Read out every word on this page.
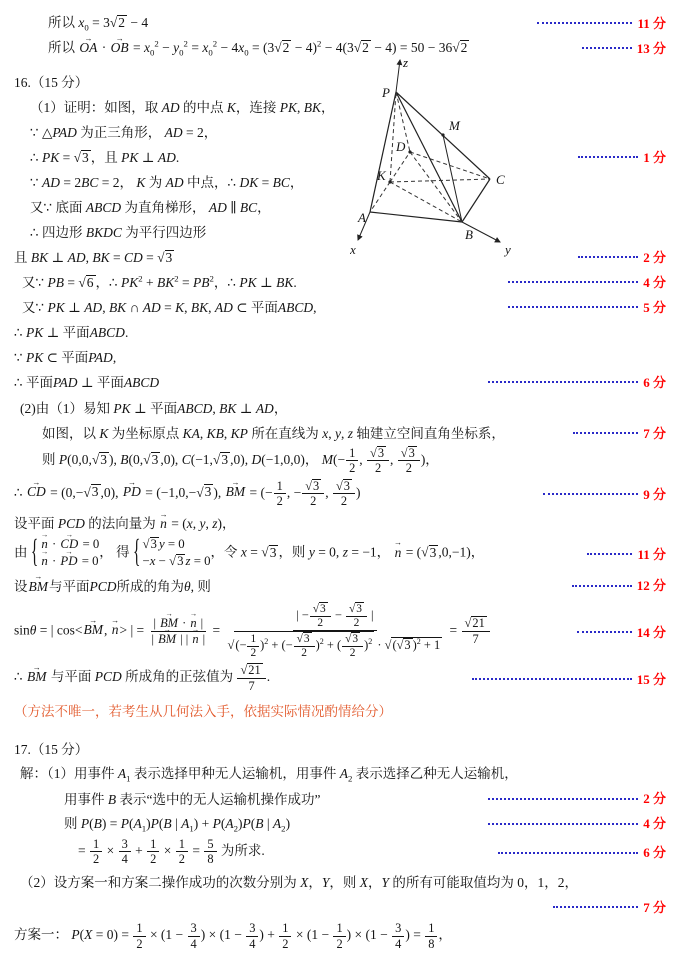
所以 $x_0 = 3√2 - 4$	11 分
所以 → OA · → OB = $x_0^2 - y_0^2 = x_0^2 - 4x_0 = (3√2 - 4)^2 - 4(3√2 - 4) = 50 - 36√2$	13 分
16.（15 分）
（1）证明：如图，取 AD 的中点 K，连接 PK, BK，
∵ △PAD 为正三角形， AD = 2，
∴ PK = √3 ，且 PK ⊥ AD.	1 分
∵ AD = 2BC = 2， K 为 AD 中点，∴ DK = BC，
又∵ 底面 ABCD 为直角梯形， AD ∥ BC，
∴ 四边形 BKDC 为平行四边形
且 BK ⊥ AD, BK = CD = √3	2 分
又∵ PB = √6 ，∴ $PK^2 + BK^2 = PB^2$，∴ PK ⊥ BK.	4 分
又∵ PK ⊥ AD, BK ∩ AD = K, BK, AD ⊂ 平面ABCD,	5 分
∴ PK ⊥ 平面ABCD.
∵ PK ⊂ 平面PAD,
∴ 平面PAD ⊥ 平面ABCD	6 分
(2)由（1）易知 PK ⊥ 平面ABCD, BK ⊥ AD，
如图，以 K 为坐标原点 KA, KB, KP 所在直线为 x, y, z 轴建立空间直角坐标系，	7 分
则 P(0,0,√3 ), B(0,√3 ,0), C(−1,√3 ,0), D(−1,0,0)， $M(- \frac{1}{2}$ , $\frac{√3}{2}$ , $\frac{√3}{2}$ )，
∴ → CD = (0,−√3 ,0), → PD = (−1,0,−√3 ), → BM = (− $\frac{1}{2}$ , − $\frac{√3}{2}$ , $\frac{√3}{2}$ )	9 分
设平面 PCD 的法向量为 → n = (x, y, z)，
由 { → n · → CD = 0
→ n · → PD = 0
， 得 { √3 y = 0
−x − √3 z = 0
，令 x = √3 ，则 y = 0, z = −1， → n = (√3 ,0,−1)，	11 分
设→ BM与平面PCD所成的角为θ, 则	12 分
sinθ = | cos<→ BM, → n> | = $\frac{| \to BM \cdot \to n |}{| \to BM | | \to n |} = \frac{| - \frac{√3}{2} - \frac{√3}{2} |}{√(- \frac{1}{2} )^2 + (- \frac{√3}{2} )^2 + ( \frac{√3}{2} )^2 \cdot √(√3 )^2 + 1} = \frac{√21}{7}$	14 分
∴ → BM 与平面 PCD 所成角的正弦值为 $\frac{√21}{7}$ .	15 分
（方法不唯一，若考生从几何法入手，依据实际情况酌情给分）
17.（15 分）
解：（1）用事件 $A_1$ 表示选择甲种无人运输机，用事件 $A_2$ 表示选择乙种无人运输机，
用事件 B 表示“选中的无人运输机操作成功”	2 分
则 $P(B) = P(A_1)P(B$ | $A_1) + P(A_2)P(B$ | $A_2$)	4 分
= $\frac{1}{2} \times \frac{3}{4} + \frac{1}{2} \times \frac{1}{2} = \frac{5}{8}$ 为所求.	6 分
（2）设方案一和方案二操作成功的次数分别为 X，Y，则 X，Y 的所有可能取值均为 0，1，2，
7 分
方案一： $P(X = 0) = \frac{1}{2} \times (1 - \frac{3}{4}$ ) × ($1 - \frac{3}{4}$ ) + $\frac{1}{2} \times (1 - \frac{1}{2}$ ) × ($1 - \frac{3}{4}$ ) = $\frac{1}{8}$ ，
z
P
M
D
K	C
A
B
x	y
